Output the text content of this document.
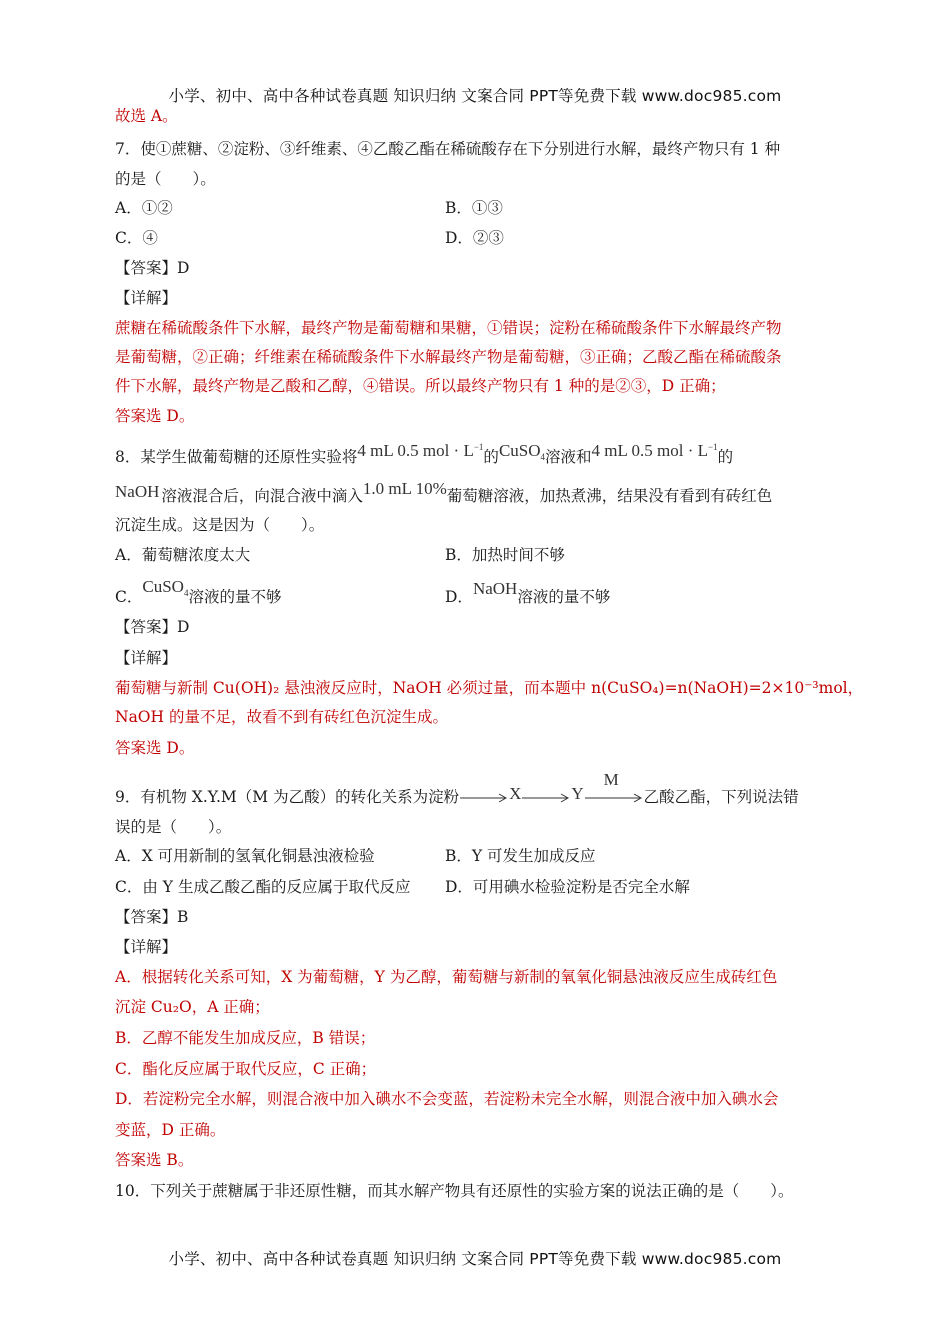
小学、初中、高中各种试卷真题 知识归纳 文案合同 PPT等免费下载 www.doc985.com
故选 A。
7．使①蔗糖、②淀粉、③纤维素、④乙酸乙酯在稀硫酸存在下分别进行水解，最终产物只有 1 种
的是（　　）。
A．①②	B．①③
C．④	D．②③
【答案】D
【详解】
蔗糖在稀硫酸条件下水解，最终产物是葡萄糖和果糖，①错误；淀粉在稀硫酸条件下水解最终产物
是葡萄糖，②正确；纤维素在稀硫酸条件下水解最终产物是葡萄糖，③正确；乙酸乙酯在稀硫酸条
件下水解，最终产物是乙酸和乙醇，④错误。所以最终产物只有 1 种的是②③，D 正确；
答案选 D。
8．某学生做葡萄糖的还原性实验将4 mL 0.5 mol · $L^{-1}$的CuSO$_4$溶液和4 mL 0.5 mol · $L^{-1}$的
NaOH 溶液混合后，向混合液中滴入1.0 mL 10%葡萄糖溶液，加热煮沸，结果没有看到有砖红色
沉淀生成。这是因为（　　）。
A．葡萄糖浓度太大	B．加热时间不够
C．CuSO$_4$溶液的量不够	D．NaOH溶液的量不够
【答案】D
【详解】
葡萄糖与新制 Cu(OH)₂ 悬浊液反应时，NaOH 必须过量，而本题中 n(CuSO₄)=n(NaOH)=2×10⁻³mol，
NaOH 的量不足，故看不到有砖红色沉淀生成。
答案选 D。
9．有机物 X.Y.M（M 为乙酸）的转化关系为淀粉→X→Y
M
乙酸乙酯，下列说法错
误的是（　　）。
A．X 可用新制的氢氧化铜悬浊液检验	B．Y 可发生加成反应
C．由 Y 生成乙酸乙酯的反应属于取代反应 D．可用碘水检验淀粉是否完全水解
【答案】B
【详解】
A．根据转化关系可知，X 为葡萄糖，Y 为乙醇，葡萄糖与新制的氧氧化铜悬浊液反应生成砖红色
沉淀 Cu₂O，A 正确；
B．乙醇不能发生加成反应，B 错误；
C．酯化反应属于取代反应，C 正确；
D．若淀粉完全水解，则混合液中加入碘水不会变蓝，若淀粉未完全水解，则混合液中加入碘水会
变蓝，D 正确。
答案选 B。
10．下列关于蔗糖属于非还原性糖，而其水解产物具有还原性的实验方案的说法正确的是（　　）。
小学、初中、高中各种试卷真题 知识归纳 文案合同 PPT等免费下载 www.doc985.com
